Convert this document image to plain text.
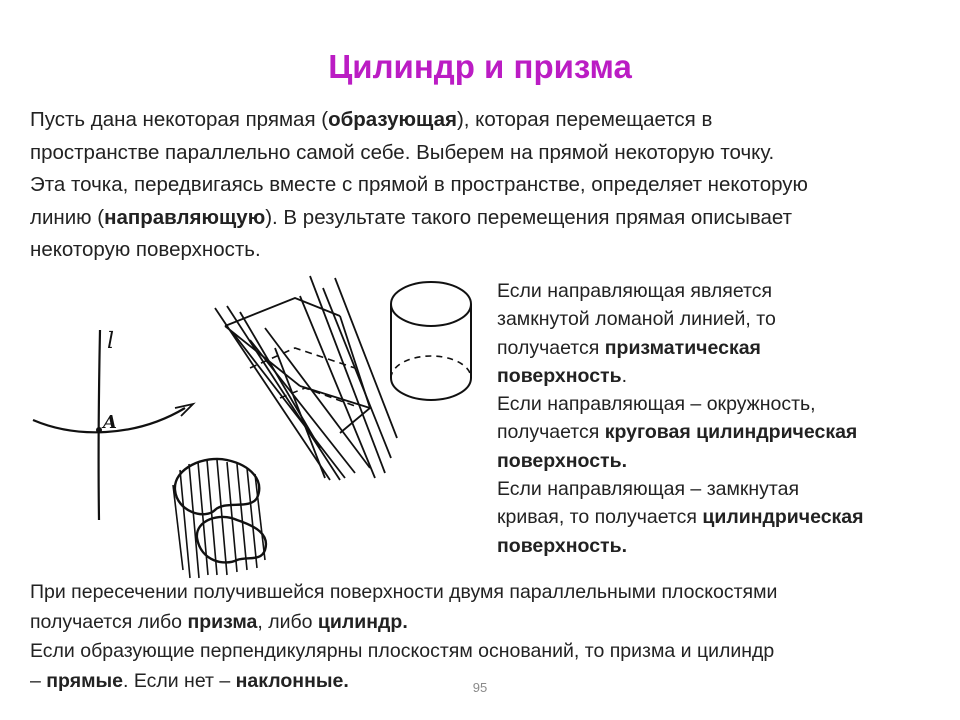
Цилиндр и призма
Пусть дана некоторая прямая (образующая), которая перемещается в
пространстве параллельно самой себе. Выберем на прямой некоторую точку.
Эта точка, передвигаясь вместе с прямой в пространстве, определяет некоторую
линию (направляющую). В результате такого перемещения прямая описывает
некоторую поверхность.
l
A
Если направляющая является
замкнутой ломаной линией, то
получается призматическая
поверхность.
Если направляющая – окружность,
получается круговая цилиндрическая
поверхность.
Если направляющая – замкнутая
кривая, то получается цилиндрическая
поверхность.
При пересечении получившейся поверхности двумя параллельными плоскостями
получается либо призма, либо цилиндр.
Если образующие перпендикулярны плоскостям оснований, то призма и цилиндр
– прямые. Если нет – наклонные.	95
